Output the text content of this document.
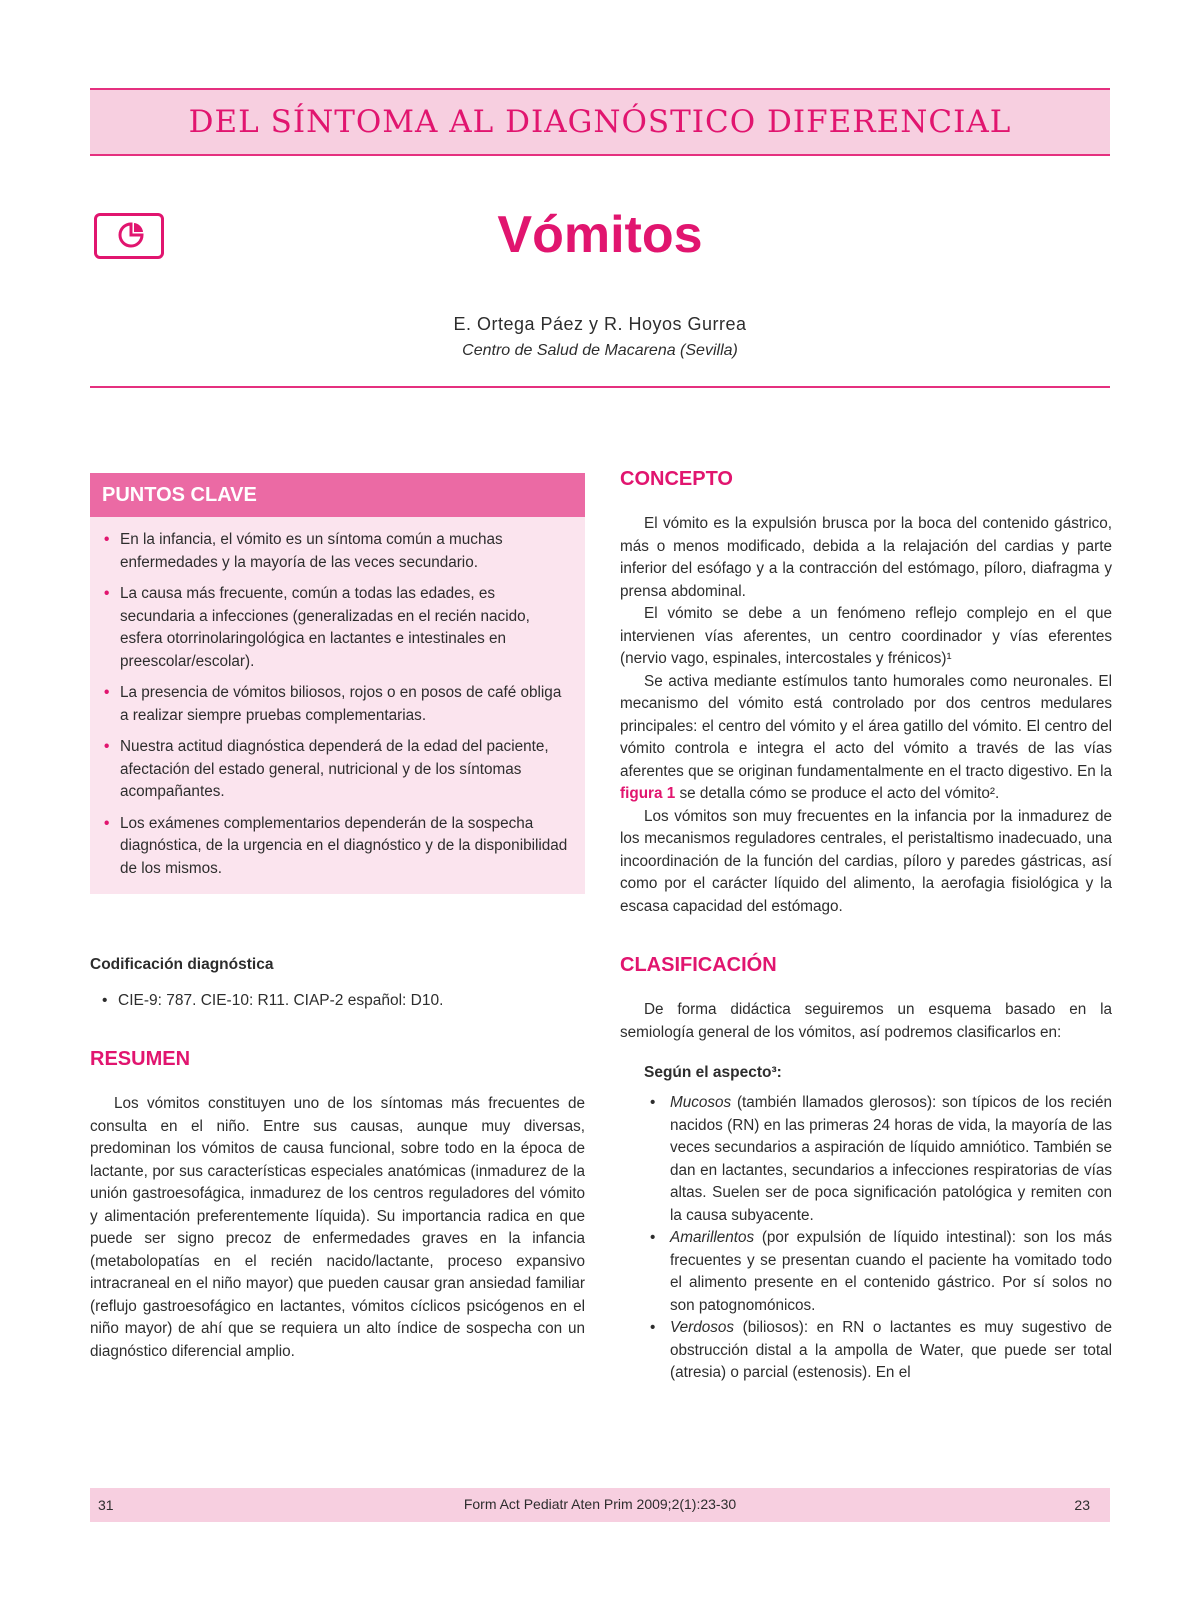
DEL SÍNTOMA AL DIAGNÓSTICO DIFERENCIAL
Vómitos
E. Ortega Páez y R. Hoyos Gurrea
Centro de Salud de Macarena (Sevilla)
PUNTOS CLAVE

• En la infancia, el vómito es un síntoma común a muchas enfermedades y la mayoría de las veces secundario.

• La causa más frecuente, común a todas las edades, es secundaria a infecciones (generalizadas en el recién nacido, esfera otorrinolaringológica en lactantes e intestinales en preescolar/escolar).

• La presencia de vómitos biliosos, rojos o en posos de café obliga a realizar siempre pruebas complementarias.

• Nuestra actitud diagnóstica dependerá de la edad del paciente, afectación del estado general, nutricional y de los síntomas acompañantes.

• Los exámenes complementarios dependerán de la sospecha diagnóstica, de la urgencia en el diagnóstico y de la disponibilidad de los mismos.

Codificación diagnóstica
• CIE-9: 787. CIE-10: R11. CIAP-2 español: D10.
RESUMEN

Los vómitos constituyen uno de los síntomas más frecuentes de consulta en el niño. Entre sus causas, aunque muy diversas, predominan los vómitos de causa funcional, sobre todo en la época de lactante, por sus características especiales anatómicas (inmadurez de la unión gastroesofágica, inmadurez de los centros reguladores del vómito y alimentación preferentemente líquida). Su importancia radica en que puede ser signo precoz de enfermedades graves en la infancia (metabolopatías en el recién nacido/lactante, proceso expansivo intracraneal en el niño mayor) que pueden causar gran ansiedad familiar (reflujo gastroesofágico en lactantes, vómitos cíclicos psicógenos en el niño mayor) de ahí que se requiera un alto índice de sospecha con un diagnóstico diferencial amplio.

CONCEPTO

El vómito es la expulsión brusca por la boca del contenido gástrico, más o menos modificado, debida a la relajación del cardias y parte inferior del esófago y a la contracción del estómago, píloro, diafragma y prensa abdominal.

El vómito se debe a un fenómeno reflejo complejo en el que intervienen vías aferentes, un centro coordinador y vías eferentes (nervio vago, espinales, intercostales y frénicos)¹

Se activa mediante estímulos tanto humorales como neuronales. El mecanismo del vómito está controlado por dos centros medulares principales: el centro del vómito y el área gatillo del vómito. El centro del vómito controla e integra el acto del vómito a través de las vías aferentes que se originan fundamentalmente en el tracto digestivo. En la figura 1 se detalla cómo se produce el acto del vómito².

Los vómitos son muy frecuentes en la infancia por la inmadurez de los mecanismos reguladores centrales, el peristaltismo inadecuado, una incoordinación de la función del cardias, píloro y paredes gástricas, así como por el carácter líquido del alimento, la aerofagia fisiológica y la escasa capacidad del estómago.

CLASIFICACIÓN

De forma didáctica seguiremos un esquema basado en la semiología general de los vómitos, así podremos clasificarlos en:

Según el aspecto³:

• Mucosos (también llamados glerosos): son típicos de los recién nacidos (RN) en las primeras 24 horas de vida, la mayoría de las veces secundarios a aspiración de líquido amniótico. También se dan en lactantes, secundarios a infecciones respiratorias de vías altas. Suelen ser de poca significación patológica y remiten con la causa subyacente.

• Amarillentos (por expulsión de líquido intestinal): son los más frecuentes y se presentan cuando el paciente ha vomitado todo el alimento presente en el contenido gástrico. Por sí solos no son patognomónicos.

• Verdosos (biliosos): en RN o lactantes es muy sugestivo de obstrucción distal a la ampolla de Water, que puede ser total (atresia) o parcial (estenosis). En el

31	Form Act Pediatr Aten Prim 2009;2(1):23-30	23
